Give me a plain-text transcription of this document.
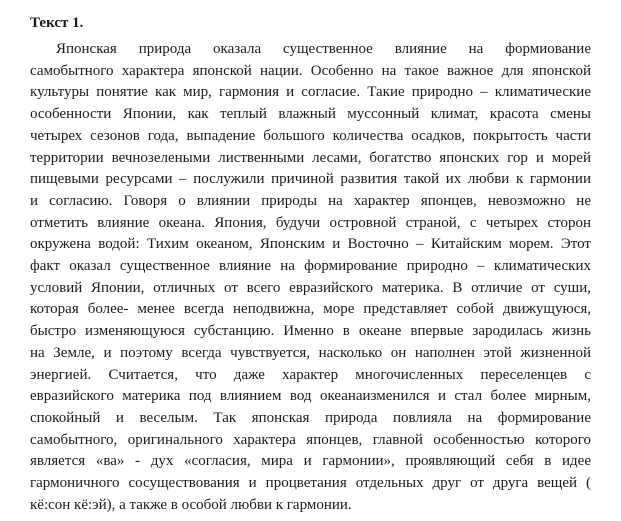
Текст 1.
Японская природа оказала существенное влияние на формиование
самобытного характера японской нации. Особенно на такое важное для японской
культуры понятие как мир, гармония и согласие. Такие природно – климатические
особенности Японии, как теплый влажный муссонный климат, красота смены
четырех сезонов года, выпадение большого количества осадков, покрытость части
территории вечнозелеными лиственными лесами, богатство японских гор и морей
пищевыми ресурсами – послужили причиной развития такой их любви к гармонии
и согласию. Говоря о влиянии природы на характер японцев, невозможно не
отметить влияние океана. Япония, будучи островной страной, с четырех сторон
окружена водой: Тихим океаном, Японским и Восточно – Китайским морем. Этот
факт оказал существенное влияние на формирование природно – климатических
условий Японии, отличных от всего евразийского материка. В отличие от суши,
которая более- менее всегда неподвижна, море представляет собой движущуюся,
быстро изменяющуюся субстанцию. Именно в океане впервые зародилась жизнь
на Земле, и поэтому всегда чувствуется, насколько он наполнен этой жизненной
энергией. Считается, что даже характер многочисленных переселенцев с
евразийского материка под влиянием вод океанаизменился и стал более мирным,
спокойный и веселым. Так японская природа повлияла на формирование
самобытного, оригинального характера японцев, главной особенностью которого
является «ва» - дух «согласия, мира и гармонии», проявляющий себя в идее
гармоничного сосуществования и процветания отдельных друг от друга вещей (
кё:сон кё:эй), а также в особой любви к гармонии.
